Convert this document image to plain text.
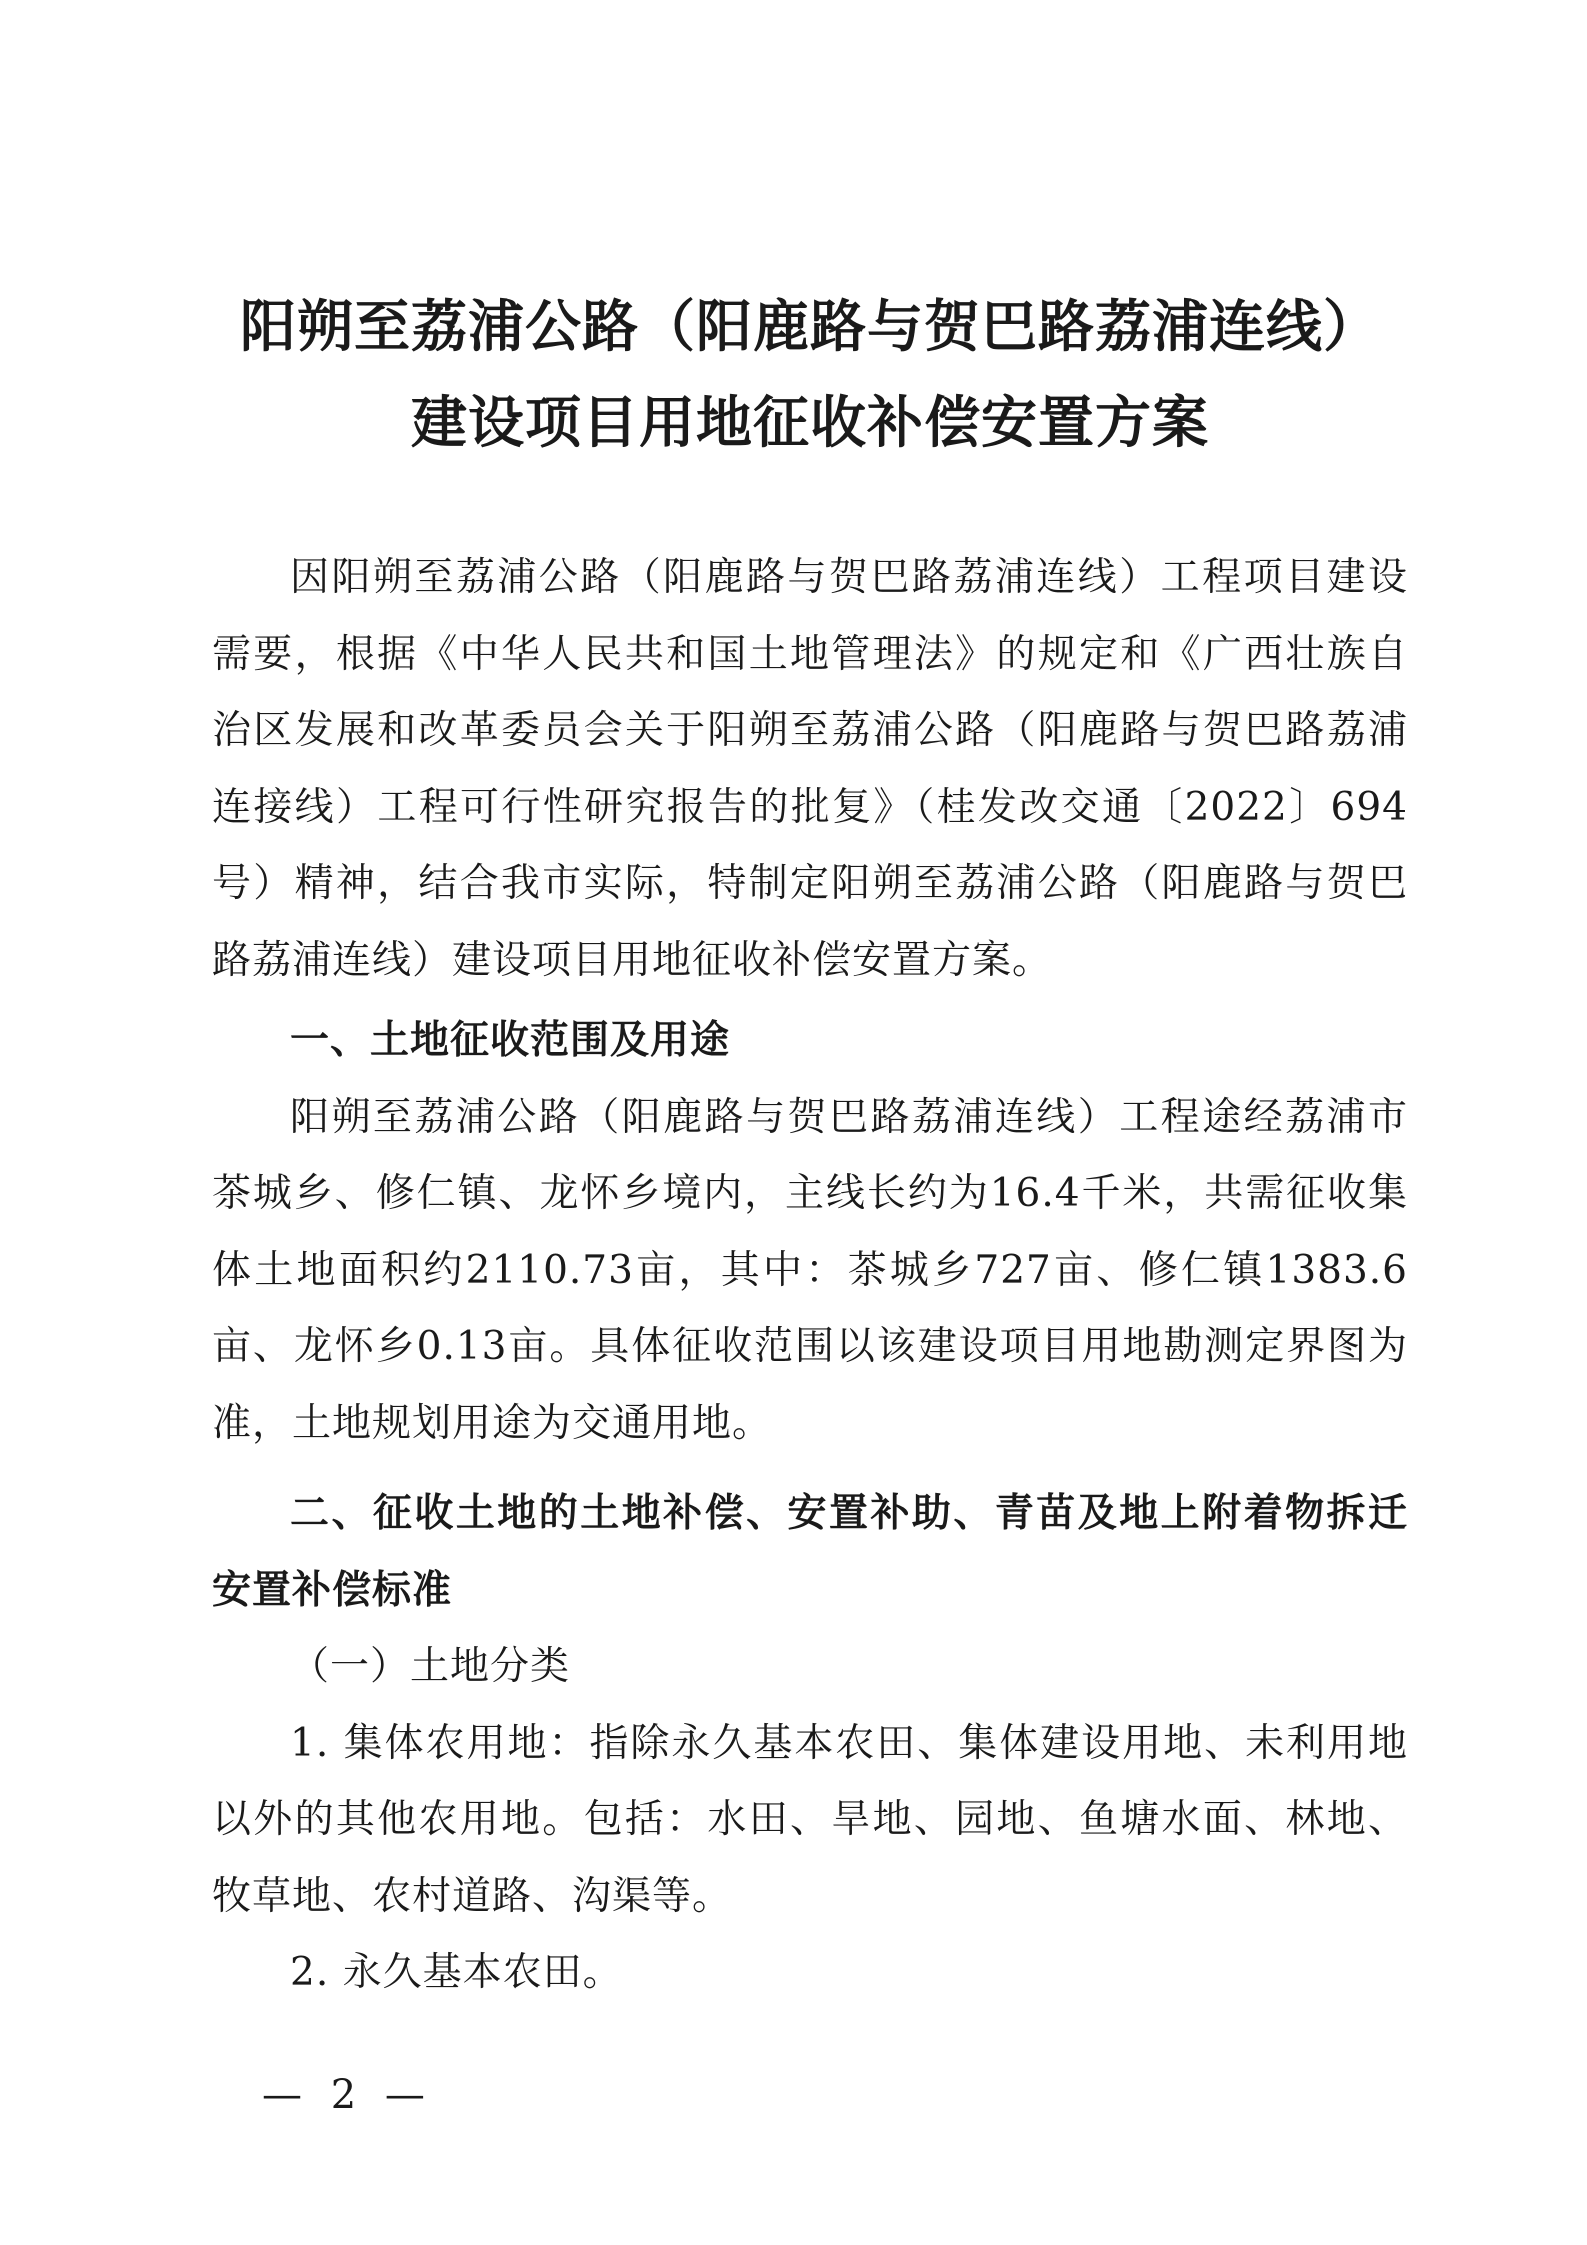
阳朔至荔浦公路（阳鹿路与贺巴路荔浦连线）
建设项目用地征收补偿安置方案

因阳朔至荔浦公路（阳鹿路与贺巴路荔浦连线）工程项目建设需要，根据《中华人民共和国土地管理法》的规定和《广西壮族自治区发展和改革委员会关于阳朔至荔浦公路（阳鹿路与贺巴路荔浦连接线）工程可行性研究报告的批复》（桂发改交通〔2022〕694号）精神，结合我市实际，特制定阳朔至荔浦公路（阳鹿路与贺巴路荔浦连线）建设项目用地征收补偿安置方案。

一、土地征收范围及用途

阳朔至荔浦公路（阳鹿路与贺巴路荔浦连线）工程途经荔浦市茶城乡、修仁镇、龙怀乡境内，主线长约为16.4千米，共需征收集体土地面积约2110.73亩，其中：茶城乡727亩、修仁镇1383.6亩、龙怀乡0.13亩。具体征收范围以该建设项目用地勘测定界图为准，土地规划用途为交通用地。

二、征收土地的土地补偿、安置补助、青苗及地上附着物拆迁安置补偿标准

（一）土地分类

1. 集体农用地：指除永久基本农田、集体建设用地、未利用地以外的其他农用地。包括：水田、旱地、园地、鱼塘水面、林地、牧草地、农村道路、沟渠等。

2. 永久基本农田。

— 2 —
